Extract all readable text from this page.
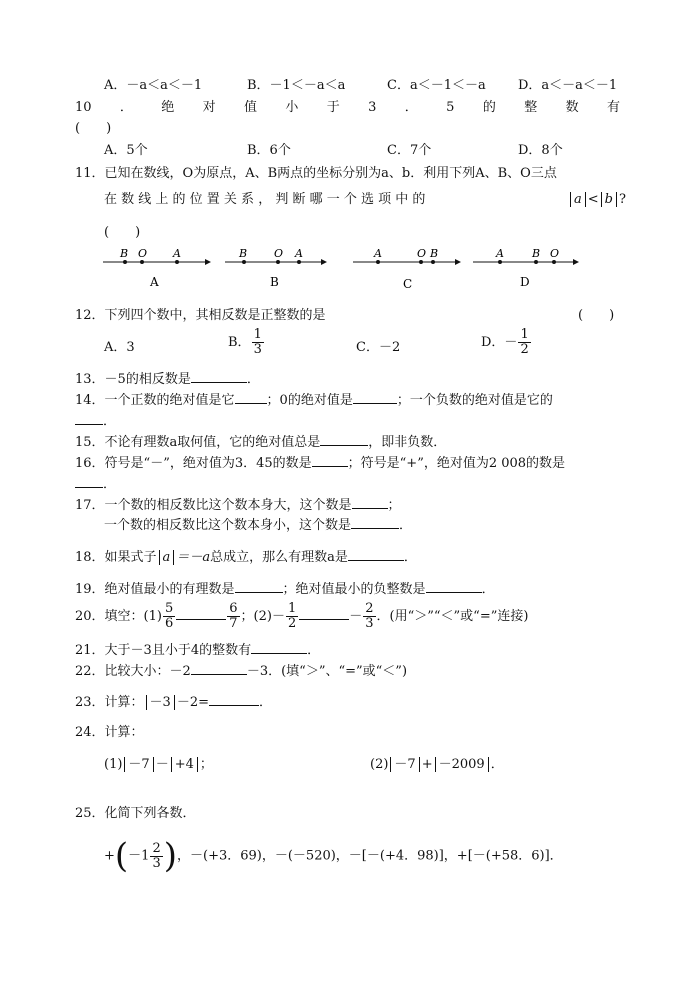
A．－a＜a＜－1	B．－1＜－a＜a	C．a＜－1＜－a D．a＜－a＜－1
10 ． 绝 对 值 小 于 3 ． 5 的 整 数 有
(　　)
A．5个	B．6个	C．7个	D．8个
11．已知在数线，O为原点，A、B两点的坐标分别为a、b．利用下列A、B、O三点
在 数 线 上 的 位 置 关 系 ， 判 断 哪 一 个 选 项 中 的	a < b ?
(　　)
B O A
A
B O A
B
A	O B
C
A	B O
D
12．下列四个数中，其相反数是正整数的是	(　　)
A．3	B． $\frac{1}{3}$	C．－2	D．－ $\frac{1}{2}$
13．－5的相反数是	．
14．一个正数的绝对值是它 ；0的绝对值是	；一个负数的绝对值是它的
．
15．不论有理数a取何值，它的绝对值总是	，即非负数．
16．符号是“－”，绝对值为3．45的数是	；符号是“+”，绝对值为2 008的数是
．
17．一个数的相反数比这个数本身大，这个数是	；
一个数的相反数比这个数本身小，这个数是	．
18．如果式子 a ＝－a总成立，那么有理数a是	．
19．绝对值最小的有理数是	；绝对值最小的负整数是	．
20．填空：$(1) \frac{5}{6}$	$\frac{6}{7}$ ；$(2)- \frac{1}{2}$	－ $\frac{2}{3}$ ．(用“＞”“＜”或“=”连接)
21．大于－3且小于4的整数有	．
22．比较大小：－2	－3．(填“＞”、“=”或“＜”)
23．计算： －3 －2=	．
24．计算：
(1) －7 － +4 ；	(2) －7 + －2009 ．
25．化简下列各数．
$+(-1 \frac{2}{3}$ )，－(+3．69)，－(－520)，－[－(+4．98)]，+[－(+58．6)]．
